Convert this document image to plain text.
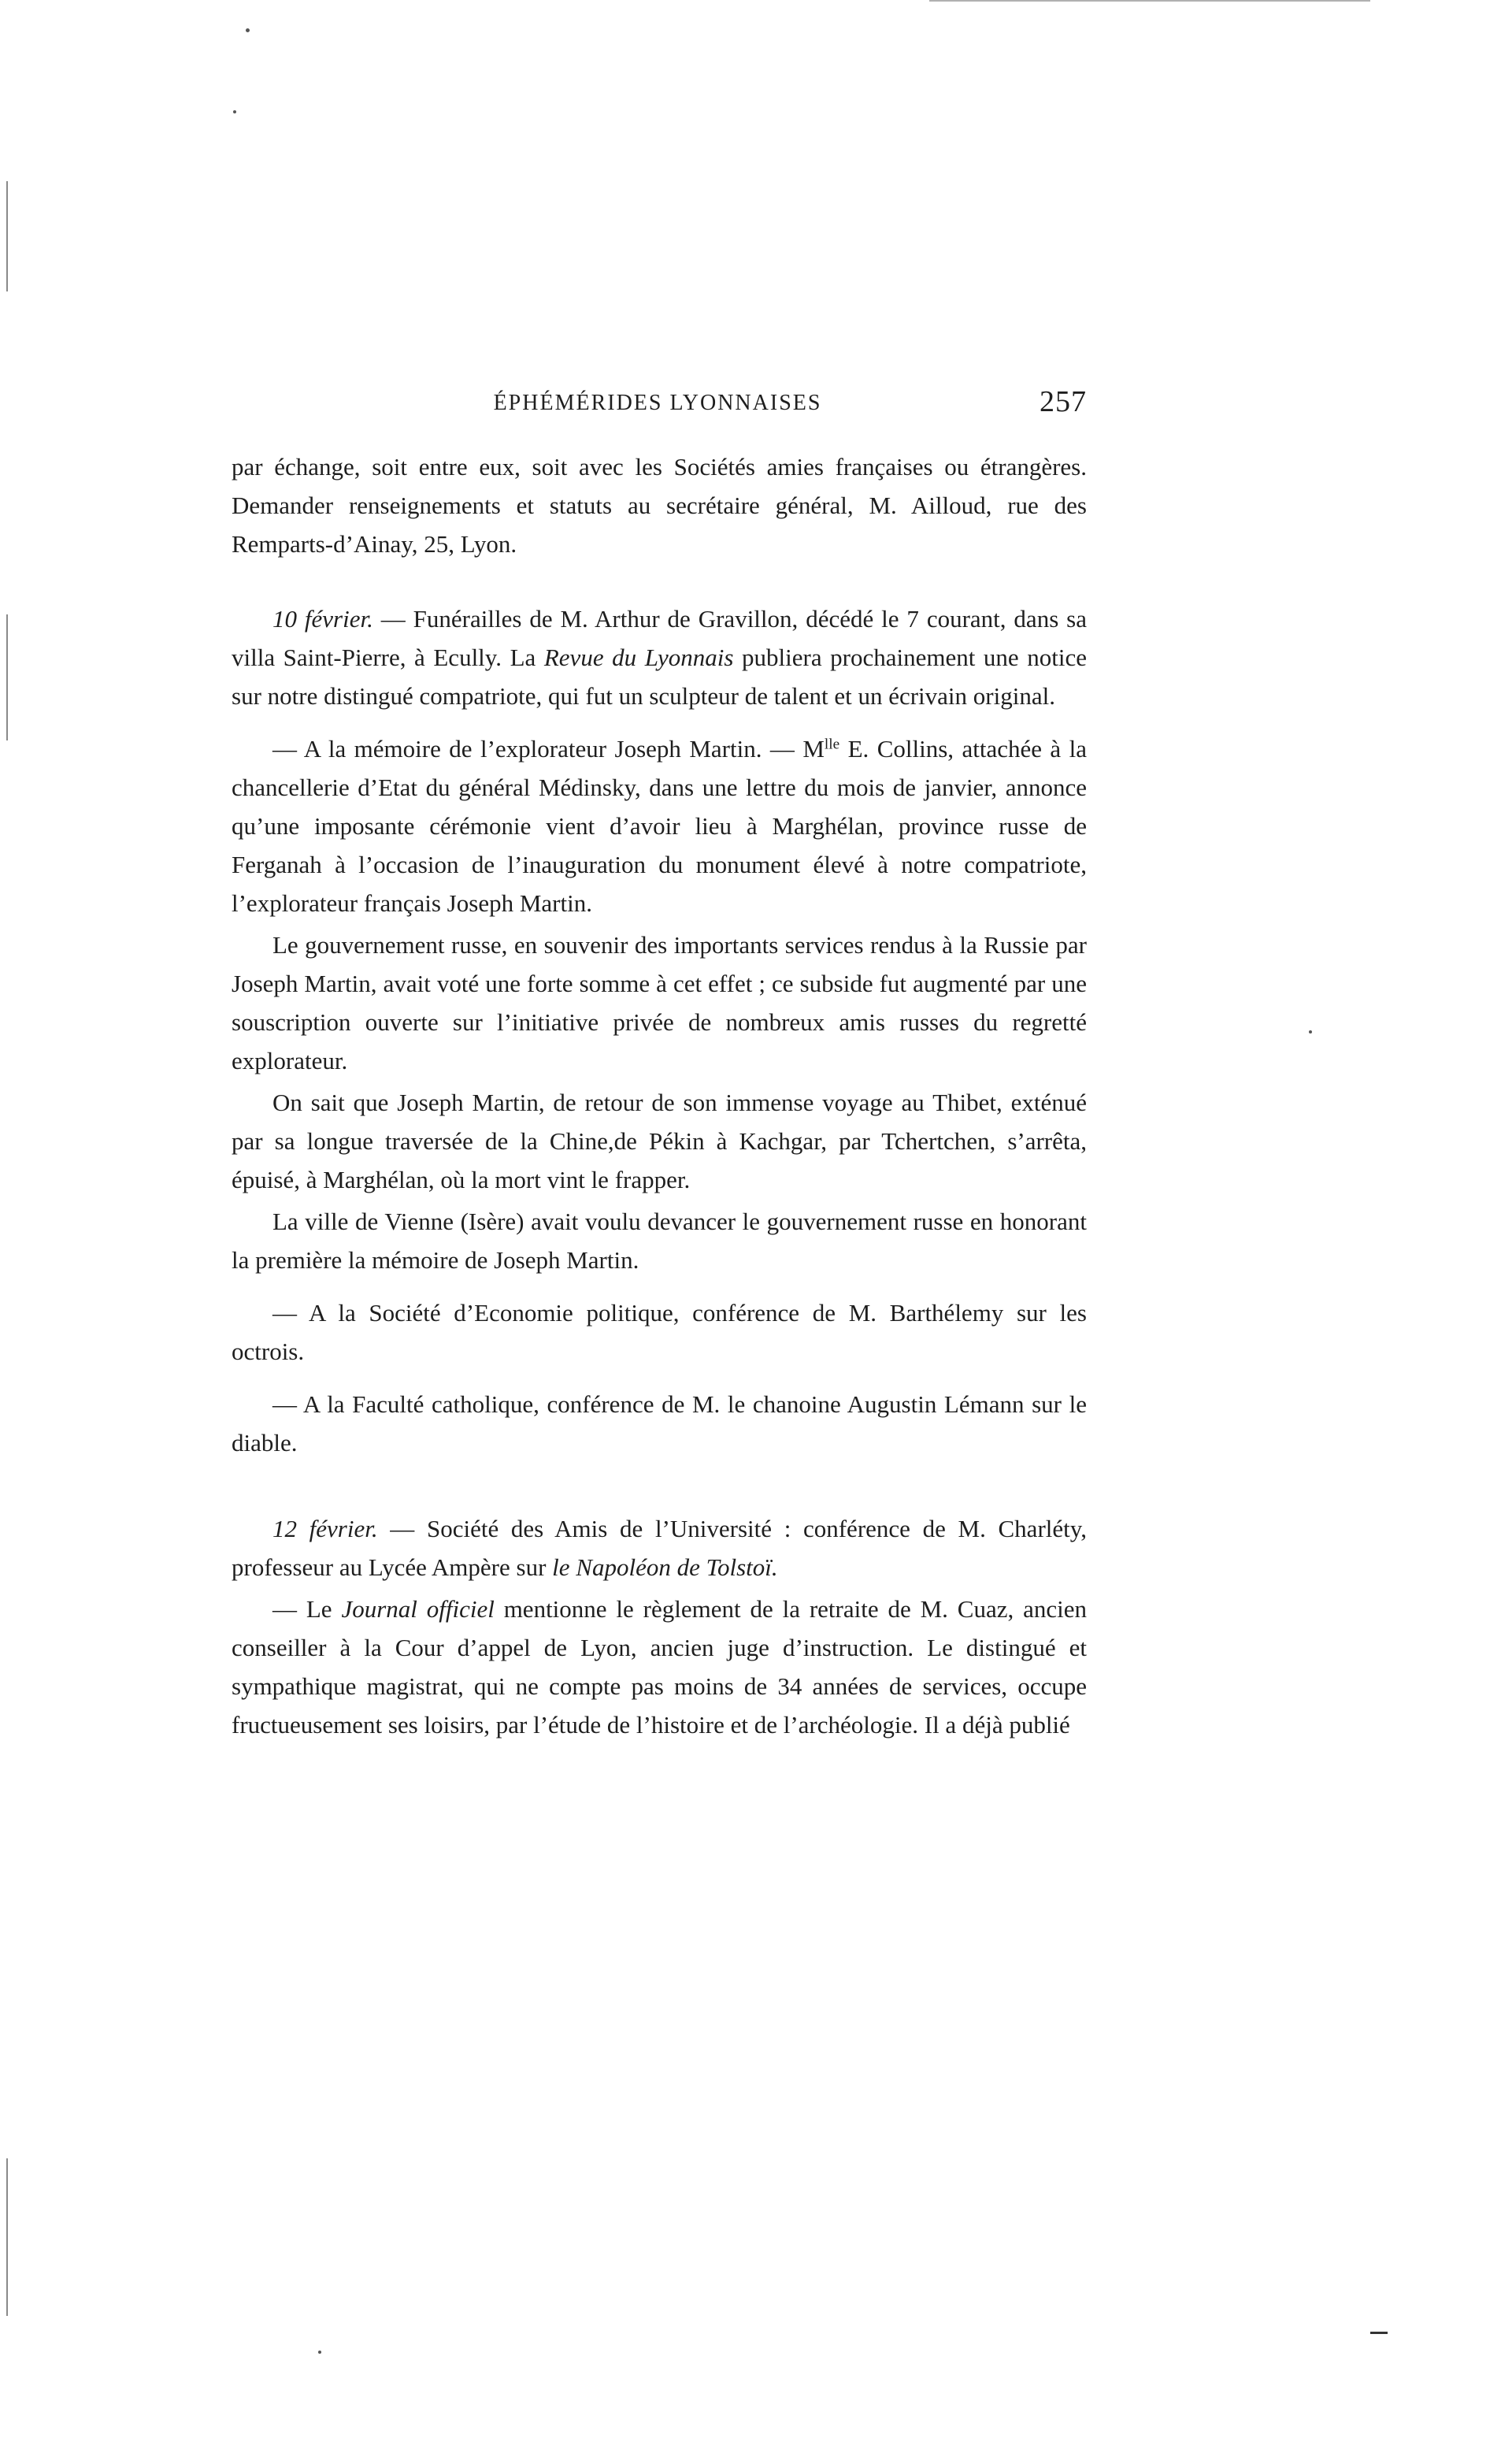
ÉPHÉMÉRIDES LYONNAISES	257

par échange, soit entre eux, soit avec les Sociétés amies françaises ou étrangères. Demander renseignements et statuts au secrétaire général, M. Ailloud, rue des Remparts-d’Ainay, 25, Lyon.

10 février. — Funérailles de M. Arthur de Gravillon, décédé le 7 courant, dans sa villa Saint-Pierre, à Ecully. La Revue du Lyonnais publiera prochainement une notice sur notre distingué compatriote, qui fut un sculpteur de talent et un écrivain original.

— A la mémoire de l’explorateur Joseph Martin. — $M^{lle}$ E. Collins, attachée à la chancellerie d’Etat du général Médinsky, dans une lettre du mois de janvier, annonce qu’une imposante cérémonie vient d’avoir lieu à Marghélan, province russe de Ferganah à l’occasion de l’inauguration du monument élevé à notre compatriote, l’explorateur français Joseph Martin.

Le gouvernement russe, en souvenir des importants services rendus à la Russie par Joseph Martin, avait voté une forte somme à cet effet ; ce subside fut augmenté par une souscription ouverte sur l’initiative privée de nombreux amis russes du regretté explorateur.

On sait que Joseph Martin, de retour de son immense voyage au Thibet, exténué par sa longue traversée de la Chine,de Pékin à Kachgar, par Tchertchen, s’arrêta, épuisé, à Marghélan, où la mort vint le frapper.

La ville de Vienne (Isère) avait voulu devancer le gouvernement russe en honorant la première la mémoire de Joseph Martin.

— A la Société d’Economie politique, conférence de M. Barthélemy sur les octrois.

— A la Faculté catholique, conférence de M. le chanoine Augustin Lémann sur le diable.

12 février. — Société des Amis de l’Université : conférence de M. Charléty, professeur au Lycée Ampère sur le Napoléon de Tolstoï.

— Le Journal officiel mentionne le règlement de la retraite de M. Cuaz, ancien conseiller à la Cour d’appel de Lyon, ancien juge d’instruction. Le distingué et sympathique magistrat, qui ne compte pas moins de 34 années de services, occupe fructueusement ses loisirs, par l’étude de l’histoire et de l’archéologie. Il a déjà publié
